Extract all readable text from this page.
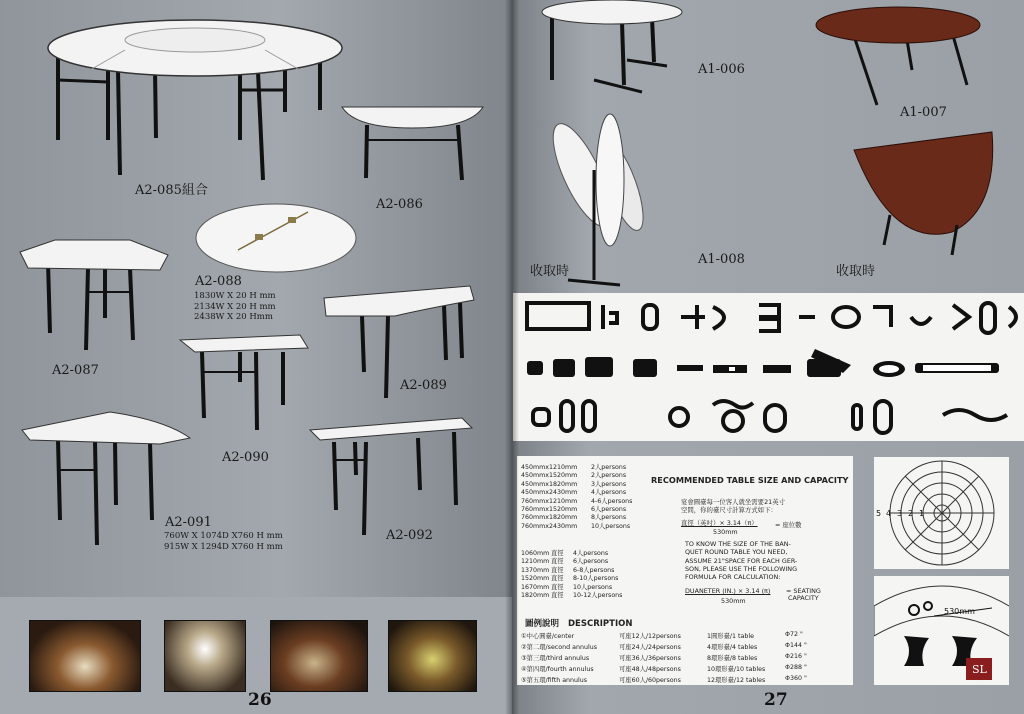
A2-085組合
A2-086
A2-088
1830W X 20 H mm
2134W X 20 H mm
2438W X 20 Hmm
A2-087
A2-089
A2-090
A2-091
760W X 1074D X760 H mm
915W X 1294D X760 H mm
A2-092
26
A1-006
A1-007
A1-008
收取時	收取時
450mmx1210mm 2人persons
450mmx1520mm 2人persons
450mmx1820mm 3人persons
450mmx2430mm 4人persons
760mmx1210mm 4-6人persons
760mmx1520mm 6人persons
760mmx1820mm 8人persons
760mmx2430mm 10人persons
1060mm 直徑 4人persons
1210mm 直徑 6人persons
1370mm 直徑 6-8人persons
1520mm 直徑 8-10人persons
1670mm 直徑 10人persons
1820mm 直徑 10-12人persons
RECOMMENDED TABLE SIZE AND CAPACITY
宴會圓臺每一位客人就坐需要21英寸
空間，你的臺尺寸計算方式如下：
直徑（英吋）× 3.14（π）	= 座位數
530mm
TO KNOW THE SIZE OF THE BAN-
QUET ROUND TABLE YOU NEED,
ASSUME 21"SPACE FOR EACH GER-
SON, PLEASE USE THE FOLLOWING
FORMULA FOR CALCULATION:
DUANETER (IN.) × 3.14 (π) = SEATING
CAPACITY
530mm
圖例說明 DESCRIPTION
①中心圓臺/center	可座12人/12persons	1圓形臺/1 table	Φ72 "
②第二環/second annulus	可座24人/24persons	4環形臺/4 tables	Φ144 "
③第三環/third annulus	可座36人/36persons	8環形臺/8 tables	Φ216 "
④第四環/fourth annulus	可座48人/48persons	10環形臺/10 tables	Φ288 "
⑤第五環/fifth annulus	可座60人/60persons	12環形臺/12 tables	Φ360 "
5 4 3 2 1
530mm
SL
27
